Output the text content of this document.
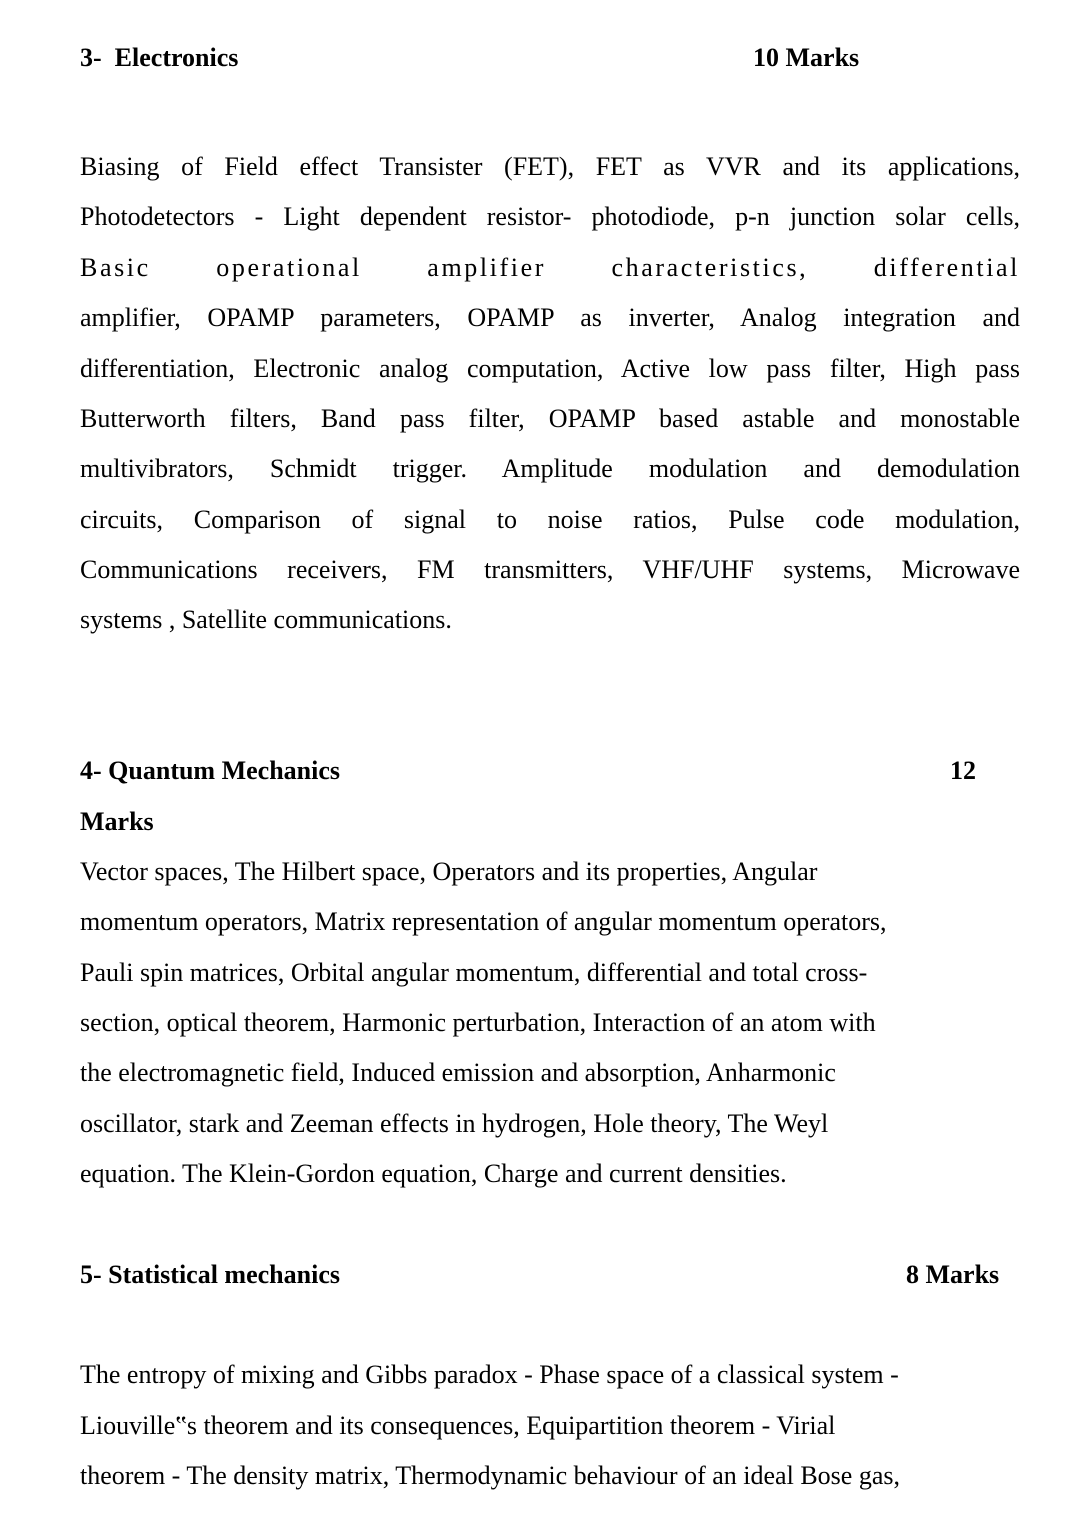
3- Electronics	10 Marks
Biasing of Field effect Transister (FET), FET as VVR and its applications,
Photodetectors - Light dependent resistor- photodiode, p-n junction solar cells,
Basic operational amplifier characteristics, differential
amplifier, OPAMP parameters, OPAMP as inverter, Analog integration and
differentiation, Electronic analog computation, Active low pass filter, High pass
Butterworth filters, Band pass filter, OPAMP based astable and monostable
multivibrators, Schmidt trigger. Amplitude modulation and demodulation
circuits, Comparison of signal to noise ratios, Pulse code modulation,
Communications receivers, FM transmitters, VHF/UHF systems, Microwave
systems , Satellite communications.
4- Quantum Mechanics	12
Marks
Vector spaces, The Hilbert space, Operators and its properties, Angular
momentum operators, Matrix representation of angular momentum operators,
Pauli spin matrices, Orbital angular momentum, differential and total cross-
section, optical theorem, Harmonic perturbation, Interaction of an atom with
the electromagnetic field, Induced emission and absorption, Anharmonic
oscillator, stark and Zeeman effects in hydrogen, Hole theory, The Weyl
equation. The Klein-Gordon equation, Charge and current densities.
5- Statistical mechanics	8 Marks
The entropy of mixing and Gibbs paradox - Phase space of a classical system -
Liouville‟s theorem and its consequences, Equipartition theorem - Virial
theorem - The density matrix, Thermodynamic behaviour of an ideal Bose gas,
